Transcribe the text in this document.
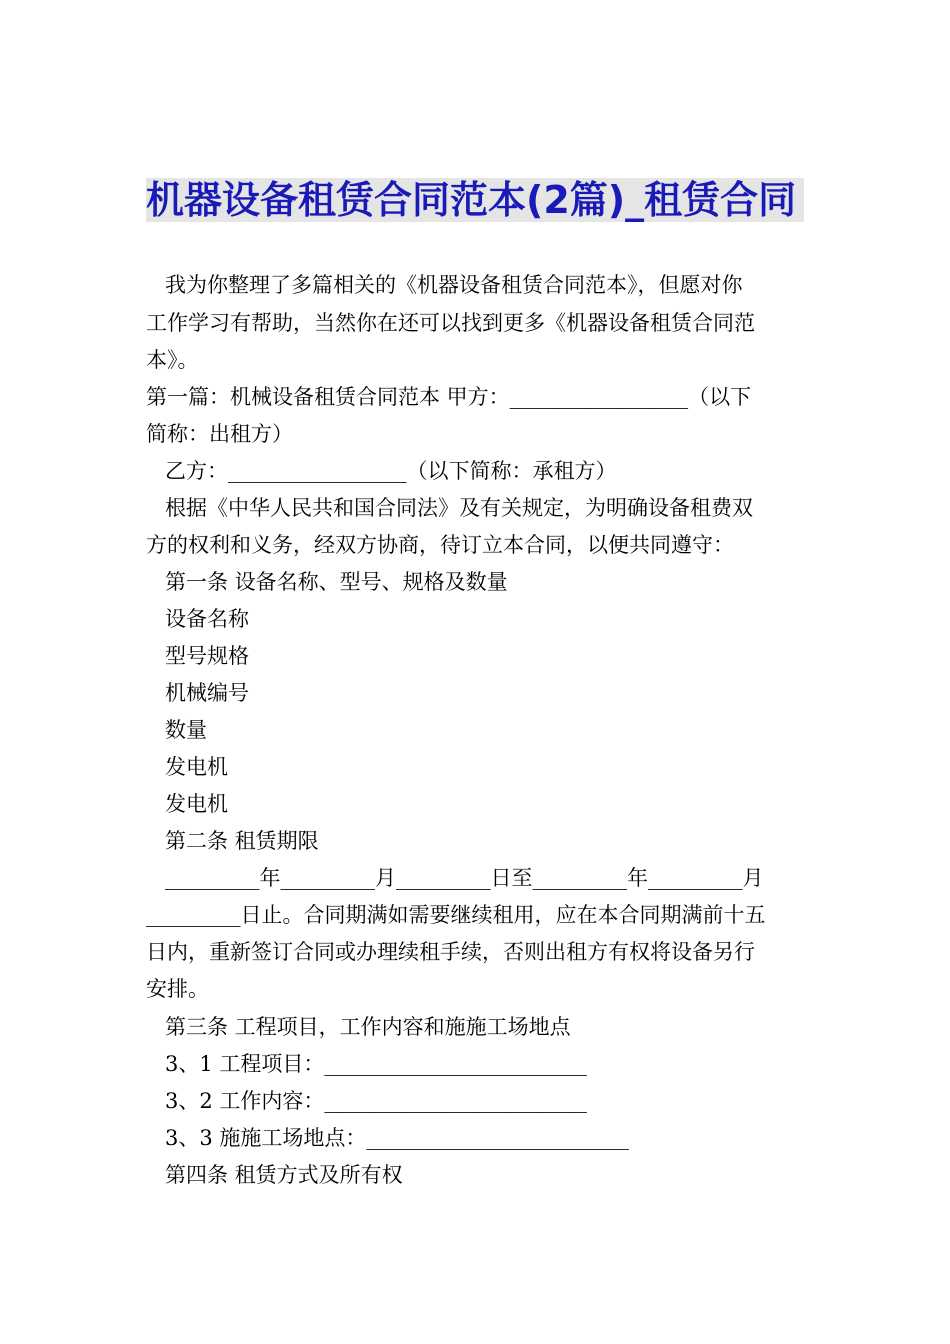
机器设备租赁合同范本(2篇)_租赁合同
我为你整理了多篇相关的《机器设备租赁合同范本》，但愿对你
工作学习有帮助，当然你在还可以找到更多《机器设备租赁合同范
本》。
第一篇：机械设备租赁合同范本 甲方：_________________（以下
简称：出租方）
乙方：_________________（以下简称：承租方）
根据《中华人民共和国合同法》及有关规定，为明确设备租费双
方的权利和义务，经双方协商，待订立本合同，以便共同遵守：
第一条 设备名称、型号、规格及数量
设备名称
型号规格
机械编号
数量
发电机
发电机
第二条 租赁期限
_________年_________月_________日至_________年_________月
_________日止。合同期满如需要继续租用，应在本合同期满前十五
日内，重新签订合同或办理续租手续，否则出租方有权将设备另行
安排。
第三条 工程项目，工作内容和施施工场地点
3、1 工程项目：_________________________
3、2 工作内容：_________________________
3、3 施施工场地点：_________________________
第四条 租赁方式及所有权
